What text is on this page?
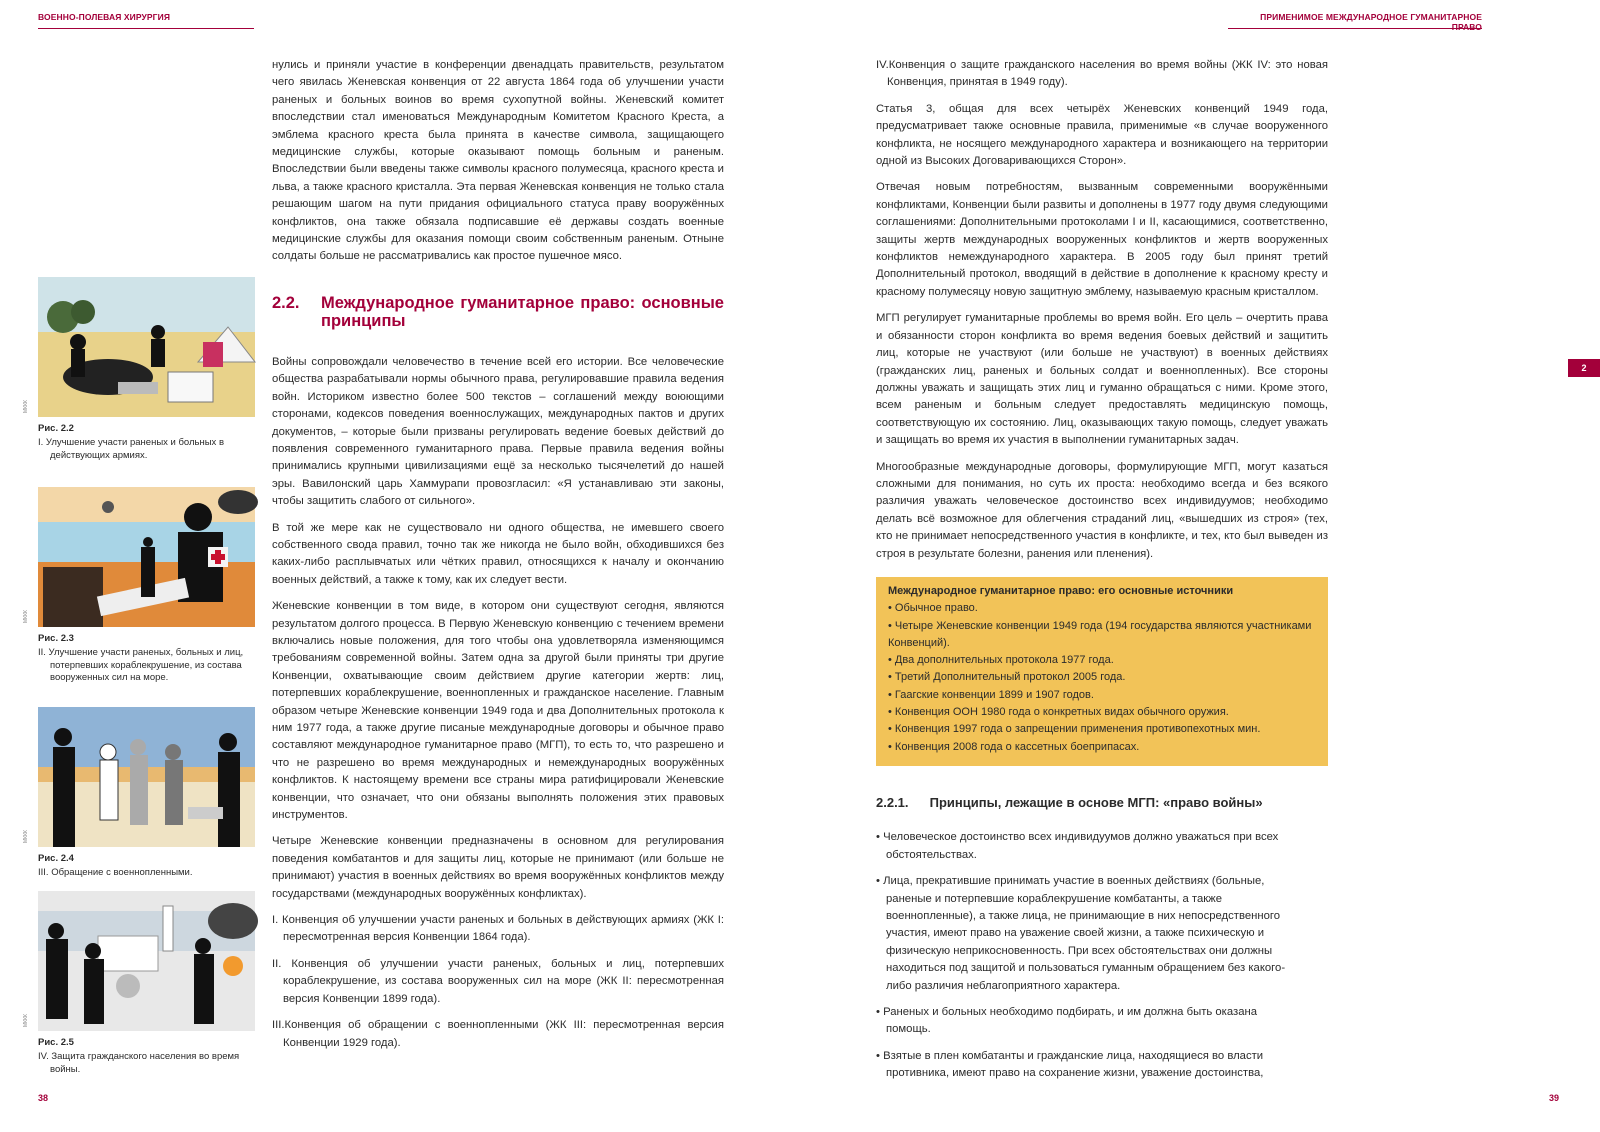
ВОЕННО-ПОЛЕВАЯ ХИРУРГИЯ	ПРИМЕНИМОЕ МЕЖДУНАРОДНОЕ ГУМАНИТАРНОЕ ПРАВО
МККК
Рис. 2.2
I. Улучшение участи раненых и больных в действующих армиях.
МККК
Рис. 2.3
II. Улучшение участи раненых, больных и лиц, потерпевших кораблекрушение, из состава вооруженных сил на море.
МККК
Рис. 2.4
III. Обращение с военнопленными.
МККК
Рис. 2.5
IV. Защита гражданского населения во время войны.

нулись и приняли участие в конференции двенадцать правительств, результатом чего явилась Женевская конвенция от 22 августа 1864 года об улучшении участи раненых и больных воинов во время сухопутной войны. Женевский комитет впоследствии стал именоваться Международным Комитетом Красного Креста, а эмблема красного креста была принята в качестве символа, защищающего медицинские службы, которые оказывают помощь больным и раненым. Впоследствии были введены также символы красного полумесяца, красного креста и льва, а также красного кристалла. Эта первая Женевская конвенция не только стала решающим шагом на пути придания официального статуса праву вооружённых конфликтов, она также обязала подписавшие её державы создать военные медицинские службы для оказания помощи своим собственным раненым. Отныне солдаты больше не рассматривались как простое пушечное мясо.

2.2. Международное гуманитарное право: основные принципы

Войны сопровождали человечество в течение всей его истории. Все человеческие общества разрабатывали нормы обычного права, регулировавшие правила ведения войн. Историком известно более 500 текстов – соглашений между воюющими сторонами, кодексов поведения военнослужащих, международных пактов и других документов, – которые были призваны регулировать ведение боевых действий до появления современного гуманитарного права. Первые правила ведения войны принимались крупными цивилизациями ещё за несколько тысячелетий до нашей эры. Вавилонский царь Хаммурапи провозгласил: «Я устанавливаю эти законы, чтобы защитить слабого от сильного».

В той же мере как не существовало ни одного общества, не имевшего своего собственного свода правил, точно так же никогда не было войн, обходившихся без каких-либо расплывчатых или чётких правил, относящихся к началу и окончанию военных действий, а также к тому, как их следует вести.

Женевские конвенции в том виде, в котором они существуют сегодня, являются результатом долгого процесса. В Первую Женевскую конвенцию с течением времени включались новые положения, для того чтобы она удовлетворяла изменяющимся требованиям современной войны. Затем одна за другой были приняты три другие Конвенции, охватывающие своим действием другие категории жертв: лиц, потерпевших кораблекрушение, военнопленных и гражданское население. Главным образом четыре Женевские конвенции 1949 года и два Дополнительных протокола к ним 1977 года, а также другие писаные международные договоры и обычное право составляют международное гуманитарное право (МГП), то есть то, что разрешено и что не разрешено во время международных и немеждународных вооружённых конфликтов. К настоящему времени все страны мира ратифицировали Женевские конвенции, что означает, что они обязаны выполнять положения этих правовых инструментов.

Четыре Женевские конвенции предназначены в основном для регулирования поведения комбатантов и для защиты лиц, которые не принимают (или больше не принимают) участия в военных действиях во время вооружённых конфликтов между государствами (международных вооружённых конфликтах).

I. Конвенция об улучшении участи раненых и больных в действующих армиях (ЖК I: пересмотренная версия Конвенции 1864 года).

II. Конвенция об улучшении участи раненых, больных и лиц, потерпевших кораблекрушение, из состава вооруженных сил на море (ЖК II: пересмотренная версия Конвенции 1899 года).

III.Конвенция об обращении с военнопленными (ЖК III: пересмотренная версия Конвенции 1929 года).

IV.Конвенция о защите гражданского населения во время войны (ЖК IV: это новая Конвенция, принятая в 1949 году).

Статья 3, общая для всех четырёх Женевских конвенций 1949 года, предусматривает также основные правила, применимые «в случае вооруженного конфликта, не носящего международного характера и возникающего на территории одной из Высоких Договаривающихся Сторон».

Отвечая новым потребностям, вызванным современными вооружёнными конфликтами, Конвенции были развиты и дополнены в 1977 году двумя следующими соглашениями: Дополнительными протоколами I и II, касающимися, соответственно, защиты жертв международных вооруженных конфликтов и жертв вооруженных конфликтов немеждународного характера. В 2005 году был принят третий Дополнительный протокол, вводящий в действие в дополнение к красному кресту и красному полумесяцу новую защитную эмблему, называемую красным кристаллом.

МГП регулирует гуманитарные проблемы во время войн. Его цель – очертить права и обязанности сторон конфликта во время ведения боевых действий и защитить лиц, которые не участвуют (или больше не участвуют) в военных действиях (гражданских лиц, раненых и больных солдат и военнопленных). Все стороны должны уважать и защищать этих лиц и гуманно обращаться с ними. Кроме этого, всем раненым и больным следует предоставлять медицинскую помощь, соответствующую их состоянию. Лиц, оказывающих такую помощь, следует уважать и защищать во время их участия в выполнении гуманитарных задач.

Многообразные международные договоры, формулирующие МГП, могут казаться сложными для понимания, но суть их проста: необходимо всегда и без всякого различия уважать человеческое достоинство всех индивидуумов; необходимо делать всё возможное для облегчения страданий лиц, «вышедших из строя» (тех, кто не принимает непосредственного участия в конфликте, и тех, кто был выведен из строя в результате болезни, ранения или пленения).

Международное гуманитарное право: его основные источники
• Обычное право.
• Четыре Женевские конвенции 1949 года (194 государства являются участниками Конвенций).
• Два дополнительных протокола 1977 года.
• Третий Дополнительный протокол 2005 года.
• Гаагские конвенции 1899 и 1907 годов.
• Конвенция ООН 1980 года о конкретных видах обычного оружия.
• Конвенция 1997 года о запрещении применения противопехотных мин.
• Конвенция 2008 года о кассетных боеприпасах.
2.2.1. Принципы, лежащие в основе МГП: «право войны»

• Человеческое достоинство всех индивидуумов должно уважаться при всех обстоятельствах.

• Лица, прекратившие принимать участие в военных действиях (больные, раненые и потерпевшие кораблекрушение комбатанты, а также военнопленные), а также лица, не принимающие в них непосредственного участия, имеют право на уважение своей жизни, а также психическую и физическую неприкосновенность. При всех обстоятельствах они должны находиться под защитой и пользоваться гуманным обращением без какого-либо различия неблагоприятного характера.

• Раненых и больных необходимо подбирать, и им должна быть оказана помощь.

• Взятые в плен комбатанты и гражданские лица, находящиеся во власти противника, имеют право на сохранение жизни, уважение достоинства,

2
38	39
